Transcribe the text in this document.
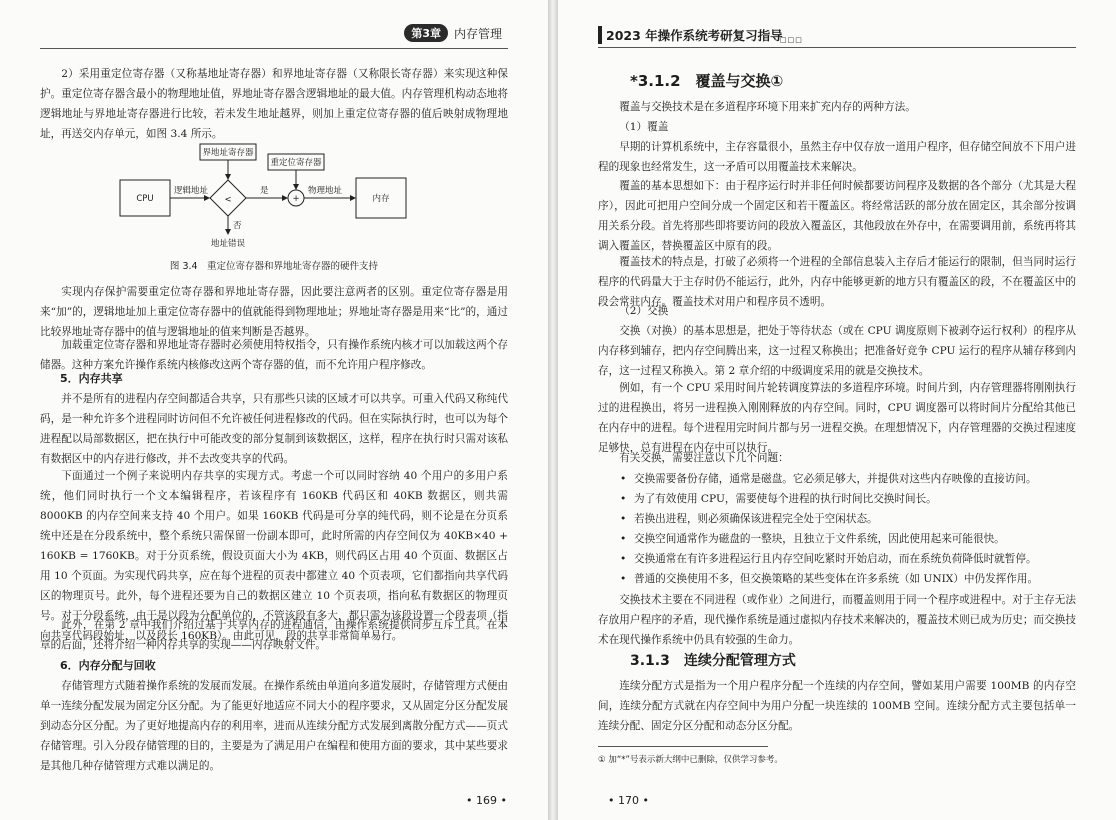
第3章	内存管理

2）采用重定位寄存器（又称基地址寄存器）和界地址寄存器（又称限长寄存器）来实现这种保护。重定位寄存器含最小的物理地址值，界地址寄存器含逻辑地址的最大值。内存管理机构动态地将逻辑地址与界地址寄存器进行比较，若未发生地址越界，则加上重定位寄存器的值后映射成物理地址，再送交内存单元，如图 3.4 所示。

CPU
界地址寄存器
重定位寄存器
<	+	内存
逻辑地址	是
否
物理地址
地址错误
图 3.4　重定位寄存器和界地址寄存器的硬件支持

实现内存保护需要重定位寄存器和界地址寄存器，因此要注意两者的区别。重定位寄存器是用来“加”的，逻辑地址加上重定位寄存器中的值就能得到物理地址；界地址寄存器是用来“比”的，通过比较界地址寄存器中的值与逻辑地址的值来判断是否越界。

加载重定位寄存器和界地址寄存器时必须使用特权指令，只有操作系统内核才可以加载这两个存储器。这种方案允许操作系统内核修改这两个寄存器的值，而不允许用户程序修改。

5．内存共享

并不是所有的进程内存空间都适合共享，只有那些只读的区域才可以共享。可重入代码又称纯代码，是一种允许多个进程同时访问但不允许被任何进程修改的代码。但在实际执行时，也可以为每个进程配以局部数据区，把在执行中可能改变的部分复制到该数据区，这样，程序在执行时只需对该私有数据区中的内存进行修改，并不去改变共享的代码。

下面通过一个例子来说明内存共享的实现方式。考虑一个可以同时容纳 40 个用户的多用户系统，他们同时执行一个文本编辑程序，若该程序有 160KB 代码区和 40KB 数据区，则共需 8000KB 的内存空间来支持 40 个用户。如果 160KB 代码是可分享的纯代码，则不论是在分页系统中还是在分段系统中，整个系统只需保留一份副本即可，此时所需的内存空间仅为 40KB×40 + 160KB = 1760KB。对于分页系统，假设页面大小为 4KB，则代码区占用 40 个页面、数据区占用 10 个页面。为实现代码共享，应在每个进程的页表中都建立 40 个页表项，它们都指向共享代码区的物理页号。此外，每个进程还要为自己的数据区建立 10 个页表项，指向私有数据区的物理页号。对于分段系统，由于是以段为分配单位的，不管该段有多大，都只需为该段设置一个段表项（指向共享代码段始址，以及段长 160KB）。由此可见，段的共享非常简单易行。

此外，在第 2 章中我们介绍过基于共享内存的进程通信，由操作系统提供同步互斥工具。在本章的后面，还将介绍一种内存共享的实现——内存映射文件。

6．内存分配与回收

存储管理方式随着操作系统的发展而发展。在操作系统由单道向多道发展时，存储管理方式便由单一连续分配发展为固定分区分配。为了能更好地适应不同大小的程序要求，又从固定分区分配发展到动态分区分配。为了更好地提高内存的利用率，进而从连续分配方式发展到离散分配方式——页式存储管理。引入分段存储管理的目的，主要是为了满足用户在编程和使用方面的要求，其中某些要求是其他几种存储管理方式难以满足的。

• 169 •
2023 年操作系统考研复习指导
□□□
*3.1.2　覆盖与交换①

覆盖与交换技术是在多道程序环境下用来扩充内存的两种方法。

（1）覆盖

早期的计算机系统中，主存容量很小，虽然主存中仅存放一道用户程序，但存储空间放不下用户进程的现象也经常发生，这一矛盾可以用覆盖技术来解决。

覆盖的基本思想如下：由于程序运行时并非任何时候都要访问程序及数据的各个部分（尤其是大程序），因此可把用户空间分成一个固定区和若干覆盖区。将经常活跃的部分放在固定区，其余部分按调用关系分段。首先将那些即将要访问的段放入覆盖区，其他段放在外存中，在需要调用前，系统再将其调入覆盖区，替换覆盖区中原有的段。

覆盖技术的特点是，打破了必须将一个进程的全部信息装入主存后才能运行的限制，但当同时运行程序的代码量大于主存时仍不能运行，此外，内存中能够更新的地方只有覆盖区的段，不在覆盖区中的段会常驻内存。覆盖技术对用户和程序员不透明。

（2）交换

交换（对换）的基本思想是，把处于等待状态（或在 CPU 调度原则下被剥夺运行权利）的程序从内存移到辅存，把内存空间腾出来，这一过程又称换出；把准备好竞争 CPU 运行的程序从辅存移到内存，这一过程又称换入。第 2 章介绍的中级调度采用的就是交换技术。

例如，有一个 CPU 采用时间片轮转调度算法的多道程序环境。时间片到，内存管理器将刚刚执行过的进程换出，将另一进程换入刚刚释放的内存空间。同时，CPU 调度器可以将时间片分配给其他已在内存中的进程。每个进程用完时间片都与另一进程交换。在理想情况下，内存管理器的交换过程速度足够快，总有进程在内存中可以执行。

有关交换，需要注意以下几个问题：

• 交换需要备份存储，通常是磁盘。它必须足够大，并提供对这些内存映像的直接访问。
• 为了有效使用 CPU，需要使每个进程的执行时间比交换时间长。
• 若换出进程，则必须确保该进程完全处于空闲状态。
• 交换空间通常作为磁盘的一整块，且独立于文件系统，因此使用起来可能很快。
• 交换通常在有许多进程运行且内存空间吃紧时开始启动，而在系统负荷降低时就暂停。
• 普通的交换使用不多，但交换策略的某些变体在许多系统（如 UNIX）中仍发挥作用。

交换技术主要在不同进程（或作业）之间进行，而覆盖则用于同一个程序或进程中。对于主存无法存放用户程序的矛盾，现代操作系统是通过虚拟内存技术来解决的，覆盖技术则已成为历史；而交换技术在现代操作系统中仍具有较强的生命力。

3.1.3　连续分配管理方式

连续分配方式是指为一个用户程序分配一个连续的内存空间，譬如某用户需要 100MB 的内存空间，连续分配方式就在内存空间中为用户分配一块连续的 100MB 空间。连续分配方式主要包括单一连续分配、固定分区分配和动态分区分配。

① 加“*”号表示新大纲中已删除，仅供学习参考。
• 170 •
